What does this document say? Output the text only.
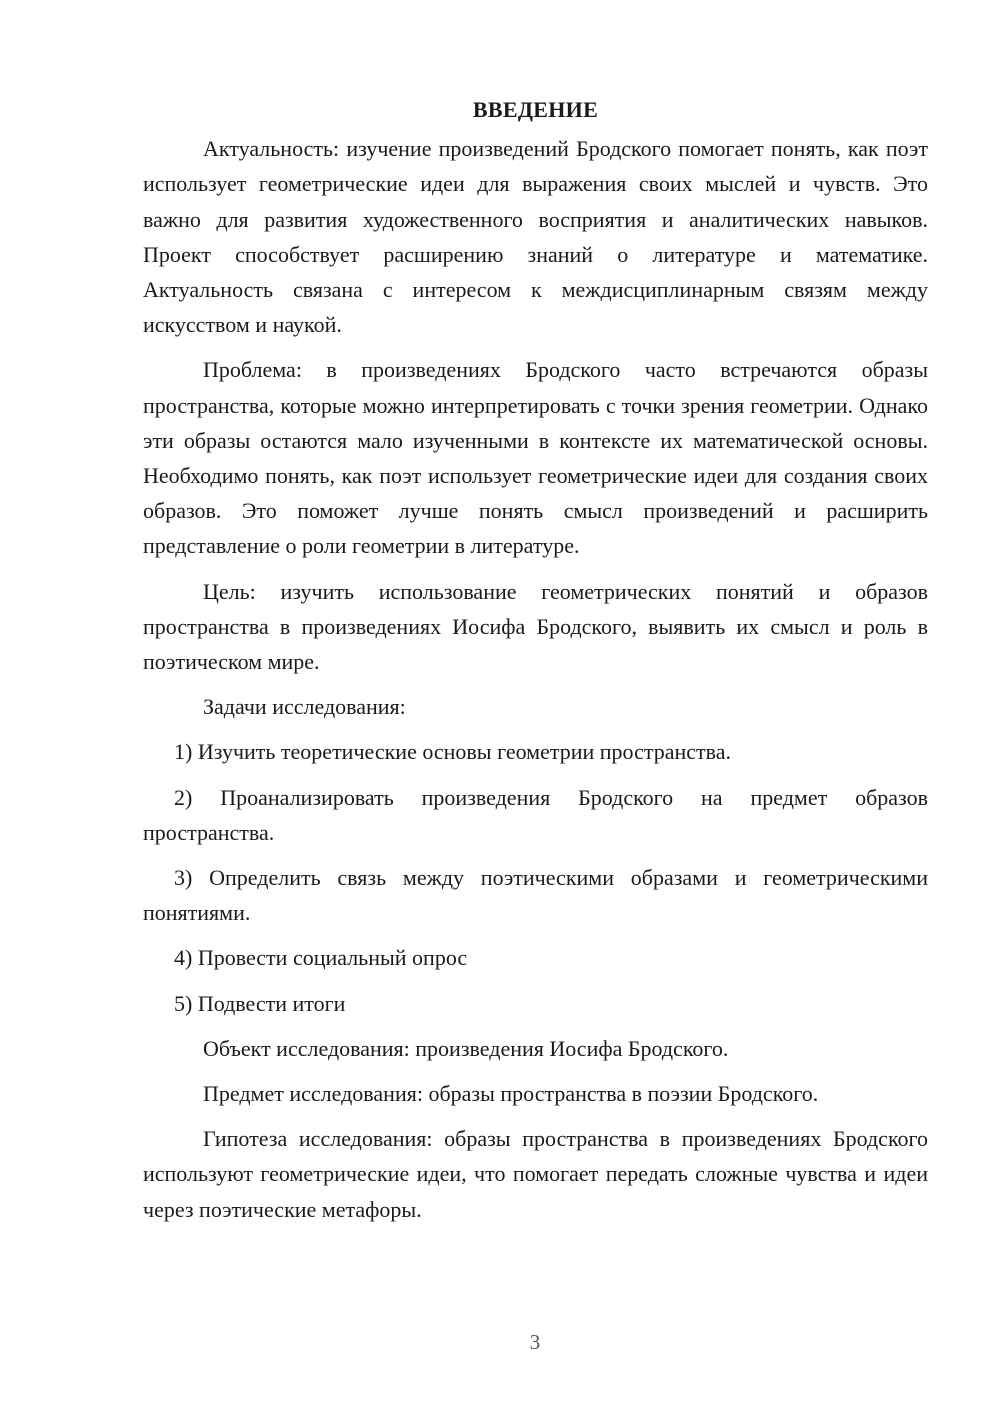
ВВЕДЕНИЕ

Актуальность: изучение произведений Бродского помогает понять, как поэт использует геометрические идеи для выражения своих мыслей и чувств. Это важно для развития художественного восприятия и аналитических навыков. Проект способствует расширению знаний о литературе и математике. Актуальность связана с интересом к междисциплинарным связям между искусством и наукой.

Проблема: в произведениях Бродского часто встречаются образы пространства, которые можно интерпретировать с точки зрения геометрии. Однако эти образы остаются мало изученными в контексте их математической основы. Необходимо понять, как поэт использует геометрические идеи для создания своих образов. Это поможет лучше понять смысл произведений и расширить представление о роли геометрии в литературе.

Цель: изучить использование геометрических понятий и образов пространства в произведениях Иосифа Бродского, выявить их смысл и роль в поэтическом мире.

Задачи исследования:

1) Изучить теоретические основы геометрии пространства.

2) Проанализировать произведения Бродского на предмет образов пространства.

3) Определить связь между поэтическими образами и геометрическими понятиями.

4) Провести социальный опрос

5) Подвести итоги

Объект исследования: произведения Иосифа Бродского.

Предмет исследования: образы пространства в поэзии Бродского.

Гипотеза исследования: образы пространства в произведениях Бродского используют геометрические идеи, что помогает передать сложные чувства и идеи через поэтические метафоры.

3
